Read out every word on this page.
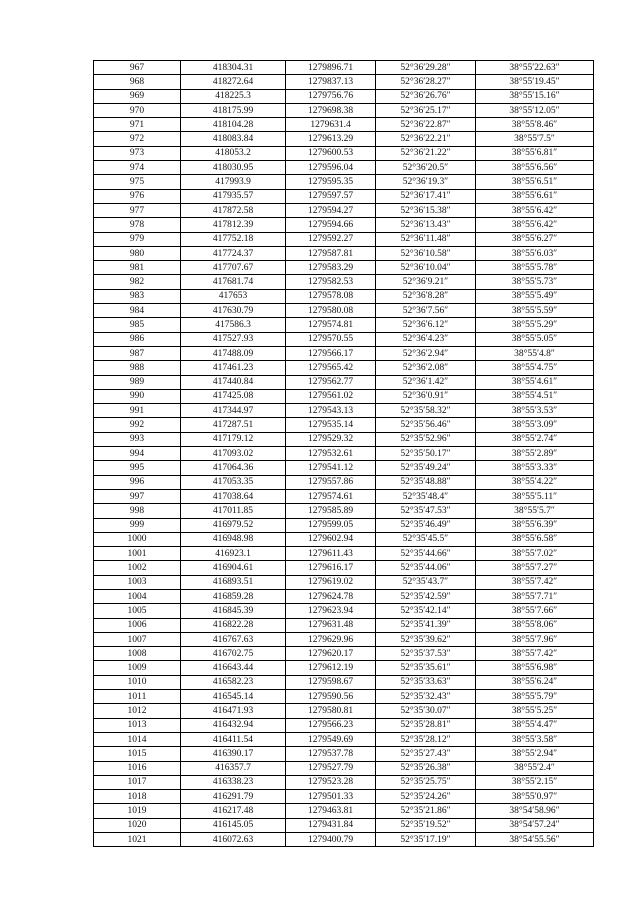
967	418304.31	1279896.71	52°36′29.28″	38°55′22.63″
968	418272.64	1279837.13	52°36′28.27″	38°55′19.45″
969	418225.3	1279756.76	52°36′26.76″	38°55′15.16″
970	418175.99	1279698.38	52°36′25.17″	38°55′12.05″
971	418104.28	1279631.4	52°36′22.87″	38°55′8.46″
972	418083.84	1279613.29	52°36′22.21″	38°55′7.5″
973	418053.2	1279600.53	52°36′21.22″	38°55′6.81″
974	418030.95	1279596.04	52°36′20.5″	38°55′6.56″
975	417993.9	1279595.35	52°36′19.3″	38°55′6.51″
976	417935.57	1279597.57	52°36′17.41″	38°55′6.61″
977	417872.58	1279594.27	52°36′15.38″	38°55′6.42″
978	417812.39	1279594.66	52°36′13.43″	38°55′6.42″
979	417752.18	1279592.27	52°36′11.48″	38°55′6.27″
980	417724.37	1279587.81	52°36′10.58″	38°55′6.03″
981	417707.67	1279583.29	52°36′10.04″	38°55′5.78″
982	417681.74	1279582.53	52°36′9.21″	38°55′5.73″
983	417653	1279578.08	52°36′8.28″	38°55′5.49″
984	417630.79	1279580.08	52°36′7.56″	38°55′5.59″
985	417586.3	1279574.81	52°36′6.12″	38°55′5.29″
986	417527.93	1279570.55	52°36′4.23″	38°55′5.05″
987	417488.09	1279566.17	52°36′2.94″	38°55′4.8″
988	417461.23	1279565.42	52°36′2.08″	38°55′4.75″
989	417440.84	1279562.77	52°36′1.42″	38°55′4.61″
990	417425.08	1279561.02	52°36′0.91″	38°55′4.51″
991	417344.97	1279543.13	52°35′58.32″	38°55′3.53″
992	417287.51	1279535.14	52°35′56.46″	38°55′3.09″
993	417179.12	1279529.32	52°35′52.96″	38°55′2.74″
994	417093.02	1279532.61	52°35′50.17″	38°55′2.89″
995	417064.36	1279541.12	52°35′49.24″	38°55′3.33″
996	417053.35	1279557.86	52°35′48.88″	38°55′4.22″
997	417038.64	1279574.61	52°35′48.4″	38°55′5.11″
998	417011.85	1279585.89	52°35′47.53″	38°55′5.7″
999	416979.52	1279599.05	52°35′46.49″	38°55′6.39″
1000	416948.98	1279602.94	52°35′45.5″	38°55′6.58″
1001	416923.1	1279611.43	52°35′44.66″	38°55′7.02″
1002	416904.61	1279616.17	52°35′44.06″	38°55′7.27″
1003	416893.51	1279619.02	52°35′43.7″	38°55′7.42″
1004	416859.28	1279624.78	52°35′42.59″	38°55′7.71″
1005	416845.39	1279623.94	52°35′42.14″	38°55′7.66″
1006	416822.28	1279631.48	52°35′41.39″	38°55′8.06″
1007	416767.63	1279629.96	52°35′39.62″	38°55′7.96″
1008	416702.75	1279620.17	52°35′37.53″	38°55′7.42″
1009	416643.44	1279612.19	52°35′35.61″	38°55′6.98″
1010	416582.23	1279598.67	52°35′33.63″	38°55′6.24″
1011	416545.14	1279590.56	52°35′32.43″	38°55′5.79″
1012	416471.93	1279580.81	52°35′30.07″	38°55′5.25″
1013	416432.94	1279566.23	52°35′28.81″	38°55′4.47″
1014	416411.54	1279549.69	52°35′28.12″	38°55′3.58″
1015	416390.17	1279537.78	52°35′27.43″	38°55′2.94″
1016	416357.7	1279527.79	52°35′26.38″	38°55′2.4″
1017	416338.23	1279523.28	52°35′25.75″	38°55′2.15″
1018	416291.79	1279501.33	52°35′24.26″	38°55′0.97″
1019	416217.48	1279463.81	52°35′21.86″	38°54′58.96″
1020	416145.05	1279431.84	52°35′19.52″	38°54′57.24″
1021	416072.63	1279400.79	52°35′17.19″	38°54′55.56″
